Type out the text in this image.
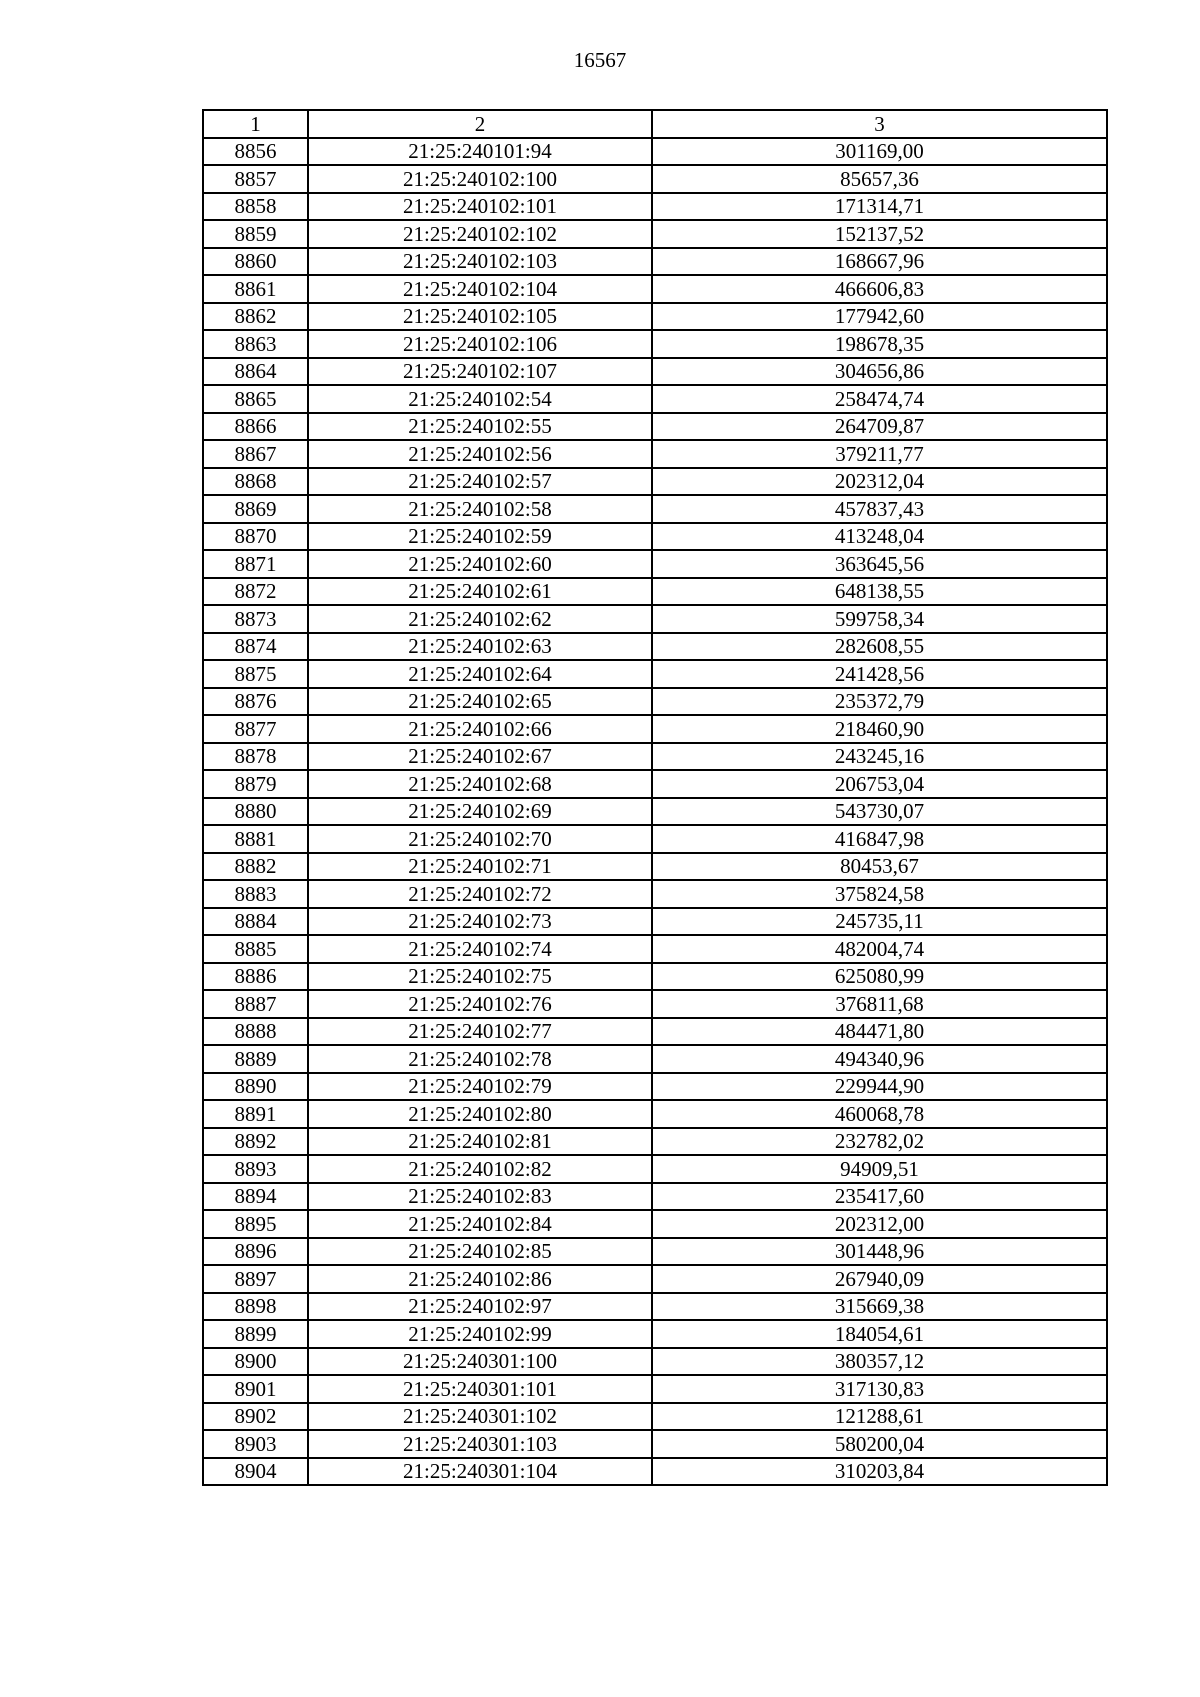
16567
1	2	3
8856	21:25:240101:94	301169,00
8857	21:25:240102:100	85657,36
8858	21:25:240102:101	171314,71
8859	21:25:240102:102	152137,52
8860	21:25:240102:103	168667,96
8861	21:25:240102:104	466606,83
8862	21:25:240102:105	177942,60
8863	21:25:240102:106	198678,35
8864	21:25:240102:107	304656,86
8865	21:25:240102:54	258474,74
8866	21:25:240102:55	264709,87
8867	21:25:240102:56	379211,77
8868	21:25:240102:57	202312,04
8869	21:25:240102:58	457837,43
8870	21:25:240102:59	413248,04
8871	21:25:240102:60	363645,56
8872	21:25:240102:61	648138,55
8873	21:25:240102:62	599758,34
8874	21:25:240102:63	282608,55
8875	21:25:240102:64	241428,56
8876	21:25:240102:65	235372,79
8877	21:25:240102:66	218460,90
8878	21:25:240102:67	243245,16
8879	21:25:240102:68	206753,04
8880	21:25:240102:69	543730,07
8881	21:25:240102:70	416847,98
8882	21:25:240102:71	80453,67
8883	21:25:240102:72	375824,58
8884	21:25:240102:73	245735,11
8885	21:25:240102:74	482004,74
8886	21:25:240102:75	625080,99
8887	21:25:240102:76	376811,68
8888	21:25:240102:77	484471,80
8889	21:25:240102:78	494340,96
8890	21:25:240102:79	229944,90
8891	21:25:240102:80	460068,78
8892	21:25:240102:81	232782,02
8893	21:25:240102:82	94909,51
8894	21:25:240102:83	235417,60
8895	21:25:240102:84	202312,00
8896	21:25:240102:85	301448,96
8897	21:25:240102:86	267940,09
8898	21:25:240102:97	315669,38
8899	21:25:240102:99	184054,61
8900	21:25:240301:100	380357,12
8901	21:25:240301:101	317130,83
8902	21:25:240301:102	121288,61
8903	21:25:240301:103	580200,04
8904	21:25:240301:104	310203,84
